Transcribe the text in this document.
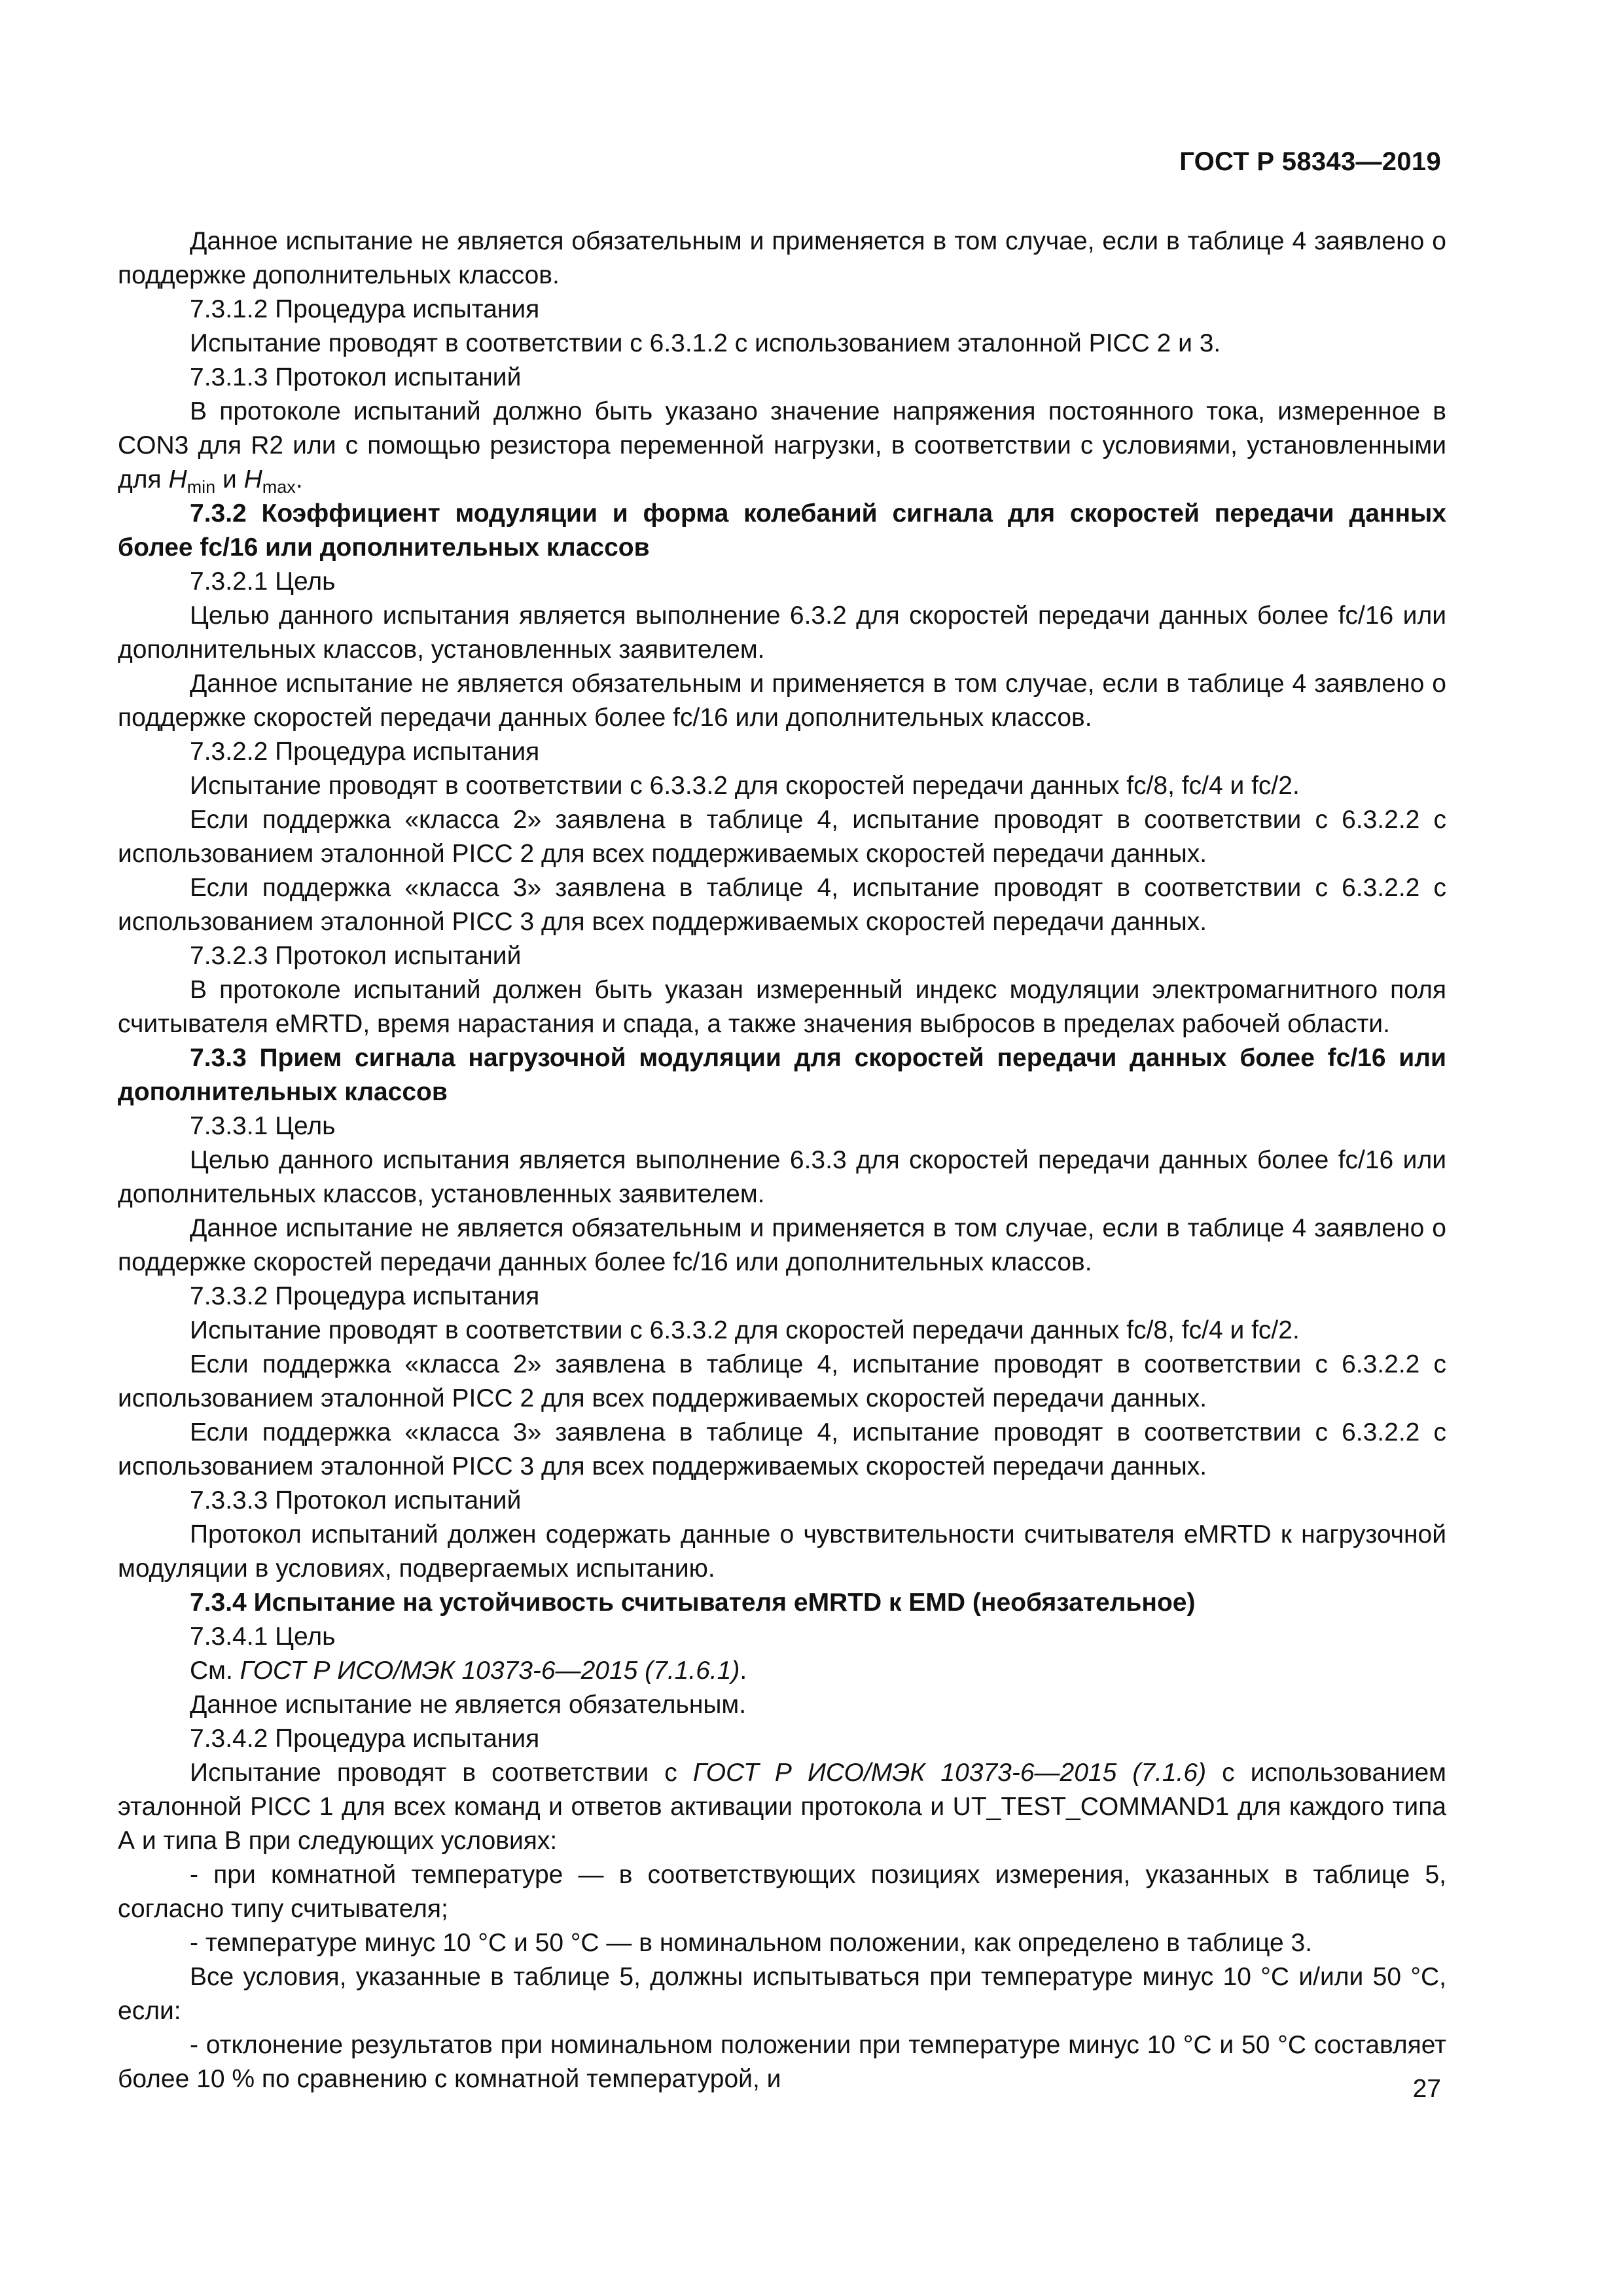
ГОСТ Р 58343—2019

Данное испытание не является обязательным и применяется в том случае, если в таблице 4 заявлено о поддержке дополнительных классов.

7.3.1.2 Процедура испытания

Испытание проводят в соответствии с 6.3.1.2 с использованием эталонной PICC 2 и 3.

7.3.1.3 Протокол испытаний

В протоколе испытаний должно быть указано значение напряжения постоянного тока, измеренное в CON3 для R2 или с помощью резистора переменной нагрузки, в соответствии с условиями, установленными для $H_{min}$ и $H_{max}$.

7.3.2 Коэффициент модуляции и форма колебаний сигнала для скоростей передачи данных более fc/16 или дополнительных классов

7.3.2.1 Цель

Целью данного испытания является выполнение 6.3.2 для скоростей передачи данных более fc/16 или дополнительных классов, установленных заявителем.

Данное испытание не является обязательным и применяется в том случае, если в таблице 4 заявлено о поддержке скоростей передачи данных более fc/16 или дополнительных классов.

7.3.2.2 Процедура испытания

Испытание проводят в соответствии с 6.3.3.2 для скоростей передачи данных fc/8, fc/4 и fc/2.

Если поддержка «класса 2» заявлена в таблице 4, испытание проводят в соответствии с 6.3.2.2 с использованием эталонной PICC 2 для всех поддерживаемых скоростей передачи данных.

Если поддержка «класса 3» заявлена в таблице 4, испытание проводят в соответствии с 6.3.2.2 с использованием эталонной PICC 3 для всех поддерживаемых скоростей передачи данных.

7.3.2.3 Протокол испытаний

В протоколе испытаний должен быть указан измеренный индекс модуляции электромагнитного поля считывателя eMRTD, время нарастания и спада, а также значения выбросов в пределах рабочей области.

7.3.3 Прием сигнала нагрузочной модуляции для скоростей передачи данных более fc/16 или дополнительных классов

7.3.3.1 Цель

Целью данного испытания является выполнение 6.3.3 для скоростей передачи данных более fc/16 или дополнительных классов, установленных заявителем.

Данное испытание не является обязательным и применяется в том случае, если в таблице 4 заявлено о поддержке скоростей передачи данных более fc/16 или дополнительных классов.

7.3.3.2 Процедура испытания

Испытание проводят в соответствии с 6.3.3.2 для скоростей передачи данных fc/8, fc/4 и fc/2.

Если поддержка «класса 2» заявлена в таблице 4, испытание проводят в соответствии с 6.3.2.2 с использованием эталонной PICC 2 для всех поддерживаемых скоростей передачи данных.

Если поддержка «класса 3» заявлена в таблице 4, испытание проводят в соответствии с 6.3.2.2 с использованием эталонной PICC 3 для всех поддерживаемых скоростей передачи данных.

7.3.3.3 Протокол испытаний

Протокол испытаний должен содержать данные о чувствительности считывателя eMRTD к нагрузочной модуляции в условиях, подвергаемых испытанию.

7.3.4 Испытание на устойчивость считывателя eMRTD к EMD (необязательное)

7.3.4.1 Цель

См. ГОСТ Р ИСО/МЭК 10373-6—2015 (7.1.6.1).

Данное испытание не является обязательным.

7.3.4.2 Процедура испытания

Испытание проводят в соответствии с ГОСТ Р ИСО/МЭК 10373-6—2015 (7.1.6) с использованием эталонной PICC 1 для всех команд и ответов активации протокола и UT_TEST_COMMAND1 для каждого типа А и типа В при следующих условиях:

- при комнатной температуре — в соответствующих позициях измерения, указанных в таблице 5, согласно типу считывателя;

- температуре минус 10 °С и 50 °С — в номинальном положении, как определено в таблице 3.

Все условия, указанные в таблице 5, должны испытываться при температуре минус 10 °С и/или 50 °С, если:

- отклонение результатов при номинальном положении при температуре минус 10 °С и 50 °С составляет более 10 % по сравнению с комнатной температурой, и	27
